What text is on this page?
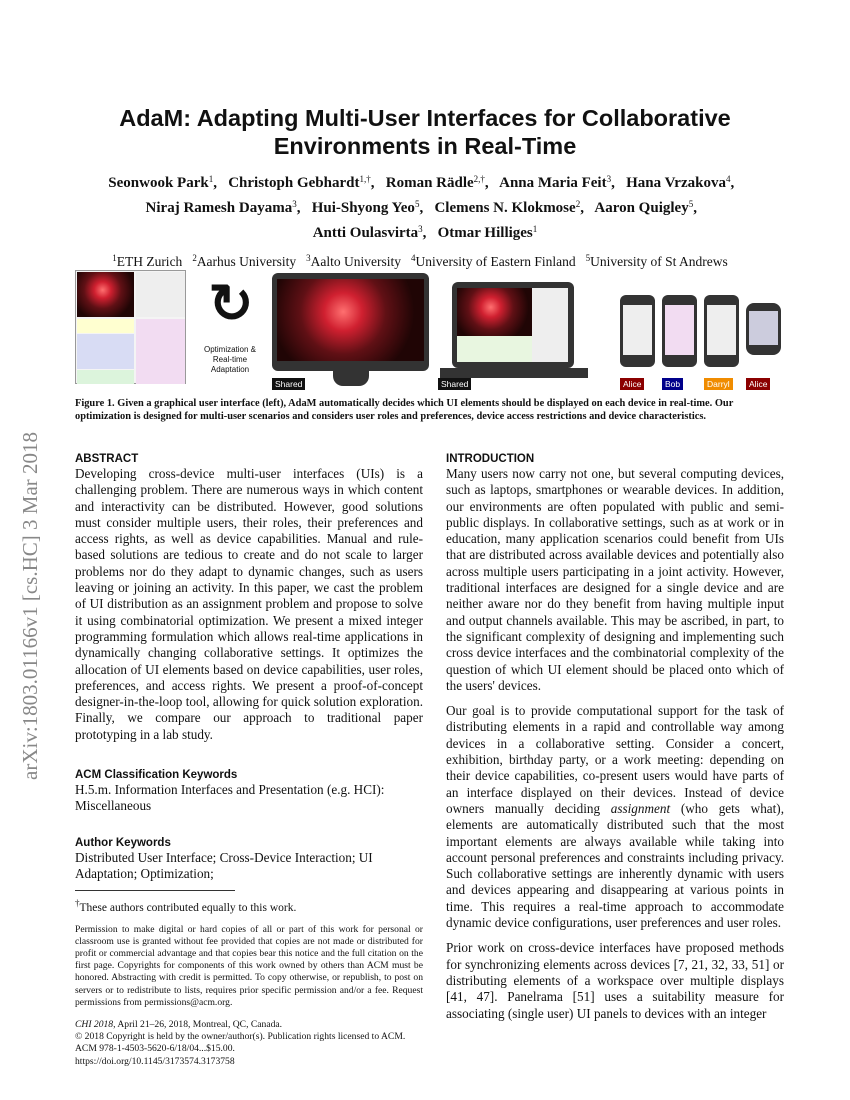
arXiv:1803.01166v1 [cs.HC] 3 Mar 2018
AdaM: Adapting Multi-User Interfaces for Collaborative Environments in Real-Time
Seonwook Park$^1$,  Christoph Gebhardt$^{1,\dagger}$,  Roman Rädle$^{2,\dagger}$,  Anna Maria Feit$^3$,  Hana Vrzakova$^4$, 
Niraj Ramesh Dayama$^3$,  Hui-Shyong Yeo$^5$,  Clemens N. Klokmose$^2$,  Aaron Quigley$^5$, 
Antti Oulasvirta$^3$,  Otmar Hilliges$^1$
$^1$ETH Zurich $^2$Aarhus University $^3$Aalto University $^4$University of Eastern Finland $^5$University of St Andrews
↻
Optimization & Real-time Adaptation
Shared	Shared	Alice	Bob	Darryl	Alice
Figure 1. Given a graphical user interface (left), AdaM automatically decides which UI elements should be displayed on each device in real-time. Our optimization is designed for multi-user scenarios and considers user roles and preferences, device access restrictions and device characteristics.
ABSTRACT

Developing cross-device multi-user interfaces (UIs) is a challenging problem. There are numerous ways in which content and interactivity can be distributed. However, good solutions must consider multiple users, their roles, their preferences and access rights, as well as device capabilities. Manual and rule-based solutions are tedious to create and do not scale to larger problems nor do they adapt to dynamic changes, such as users leaving or joining an activity. In this paper, we cast the problem of UI distribution as an assignment problem and propose to solve it using combinatorial optimization. We present a mixed integer programming formulation which allows real-time applications in dynamically changing collaborative settings. It optimizes the allocation of UI elements based on device capabilities, user roles, preferences, and access rights. We present a proof-of-concept designer-in-the-loop tool, allowing for quick solution exploration. Finally, we compare our approach to traditional paper prototyping in a lab study.

ACM Classification Keywords

H.5.m. Information Interfaces and Presentation (e.g. HCI): Miscellaneous

Author Keywords

Distributed User Interface; Cross-Device Interaction; UI Adaptation; Optimization;

†These authors contributed equally to this work.
Permission to make digital or hard copies of all or part of this work for personal or classroom use is granted without fee provided that copies are not made or distributed for profit or commercial advantage and that copies bear this notice and the full citation on the first page. Copyrights for components of this work owned by others than ACM must be honored. Abstracting with credit is permitted. To copy otherwise, or republish, to post on servers or to redistribute to lists, requires prior specific permission and/or a fee. Request permissions from permissions@acm.org.
CHI 2018, April 21–26, 2018, Montreal, QC, Canada.
© 2018 Copyright is held by the owner/author(s). Publication rights licensed to ACM.
ACM 978-1-4503-5620-6/18/04...$15.00.
https://doi.org/10.1145/3173574.3173758
INTRODUCTION

Many users now carry not one, but several computing devices, such as laptops, smartphones or wearable devices. In addition, our environments are often populated with public and semi-public displays. In collaborative settings, such as at work or in education, many application scenarios could benefit from UIs that are distributed across available devices and potentially also across multiple users participating in a joint activity. However, traditional interfaces are designed for a single device and are neither aware nor do they benefit from having multiple input and output channels available. This may be ascribed, in part, to the significant complexity of designing and implementing such cross device interfaces and the combinatorial complexity of the question of which UI element should be placed onto which of the users' devices.

Our goal is to provide computational support for the task of distributing elements in a rapid and controllable way among devices in a collaborative setting. Consider a concert, exhibition, birthday party, or a work meeting: depending on their device capabilities, co-present users would have parts of an interface displayed on their devices. Instead of device owners manually deciding assignment (who gets what), elements are automatically distributed such that the most important elements are always available while taking into account personal preferences and constraints including privacy. Such collaborative settings are inherently dynamic with users and devices appearing and disappearing at various points in time. This requires a real-time approach to accommodate dynamic device configurations, user preferences and user roles.

Prior work on cross-device interfaces have proposed methods for synchronizing elements across devices [7, 21, 32, 33, 51] or distributing elements of a workspace over multiple displays [41, 47]. Panelrama [51] uses a suitability measure for associating (single user) UI panels to devices with an integer
